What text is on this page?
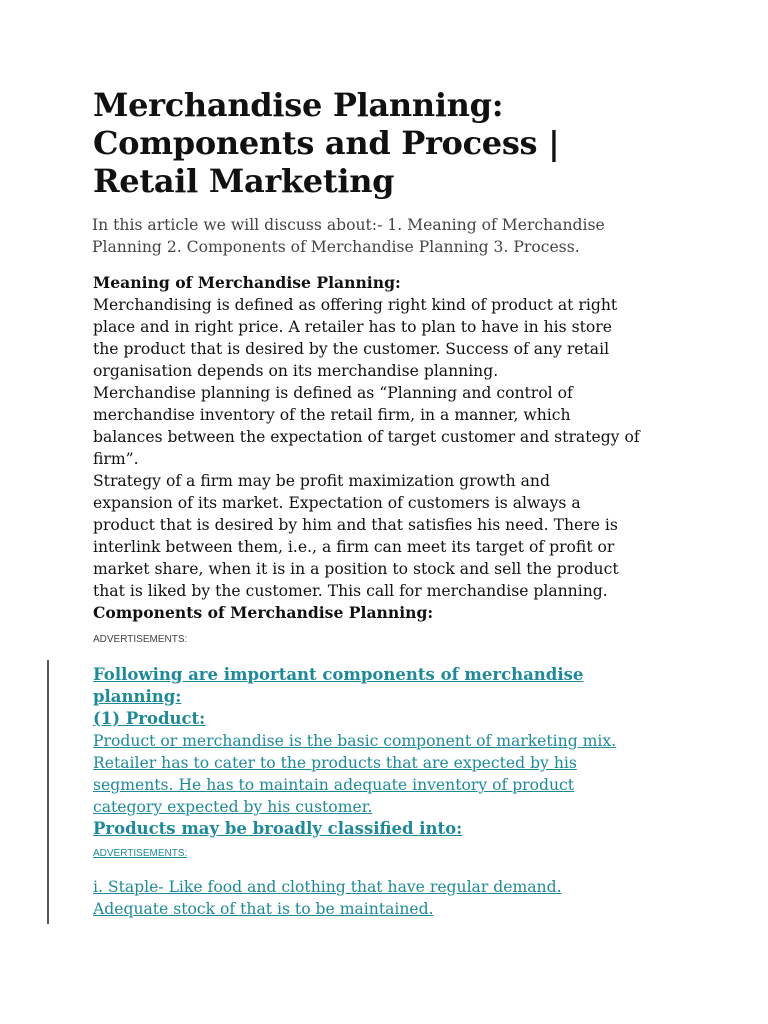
Merchandise Planning:
Components and Process |
Retail Marketing
In this article we will discuss about:- 1. Meaning of Merchandise
Planning 2. Components of Merchandise Planning 3. Process.
Meaning of Merchandise Planning:
Merchandising is defined as offering right kind of product at right
place and in right price. A retailer has to plan to have in his store
the product that is desired by the customer. Success of any retail
organisation depends on its merchandise planning.
Merchandise planning is defined as “Planning and control of
merchandise inventory of the retail firm, in a manner, which
balances between the expectation of target customer and strategy of
firm”.
Strategy of a firm may be profit maximization growth and
expansion of its market. Expectation of customers is always a
product that is desired by him and that satisfies his need. There is
interlink between them, i.e., a firm can meet its target of profit or
market share, when it is in a position to stock and sell the product
that is liked by the customer. This call for merchandise planning.
Components of Merchandise Planning:
ADVERTISEMENTS:
Following are important components of merchandise
planning:
(1) Product:
Product or merchandise is the basic component of marketing mix.
Retailer has to cater to the products that are expected by his
segments. He has to maintain adequate inventory of product
category expected by his customer.
Products may be broadly classified into:
ADVERTISEMENTS:
i. Staple- Like food and clothing that have regular demand.
Adequate stock of that is to be maintained.
